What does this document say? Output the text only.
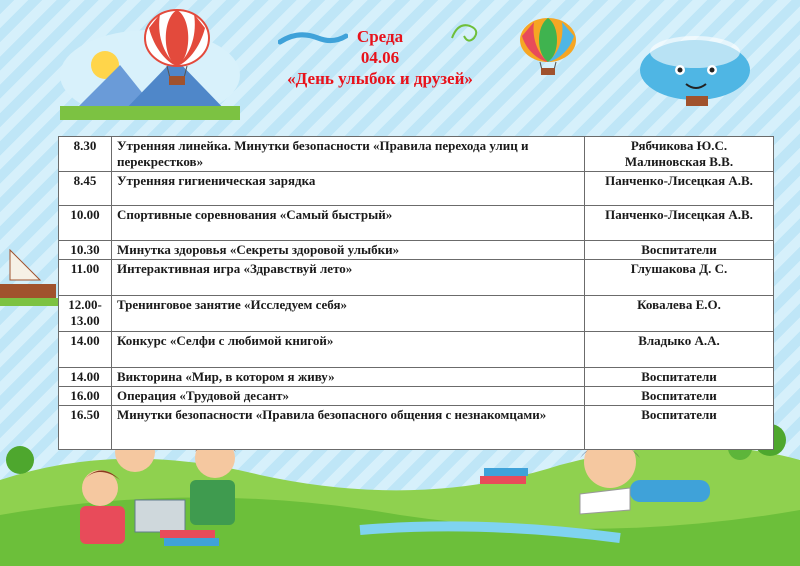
Среда
04.06
«День улыбок и друзей»
8.30	Утренняя линейка. Минутки безопасности «Правила перехода улиц и перекрестков»	Рябчикова Ю.С. Малиновская В.В.
8.45	Утренняя гигиеническая зарядка	Панченко-Лисецкая А.В.
10.00	Спортивные соревнования «Самый быстрый»	Панченко-Лисецкая А.В.
10.30	Минутка здоровья «Секреты здоровой улыбки»	Воспитатели
11.00	Интерактивная игра «Здравствуй лето»	Глушакова Д. С.
12.00-13.00	Тренинговое занятие «Исследуем себя»	Ковалева Е.О.
14.00	Конкурс «Селфи с любимой книгой»	Владыко А.А.
14.00	Викторина «Мир, в котором я живу»	Воспитатели
16.00	Операция «Трудовой десант»	Воспитатели
16.50	Минутки безопасности «Правила безопасного общения с незнакомцами»	Воспитатели
